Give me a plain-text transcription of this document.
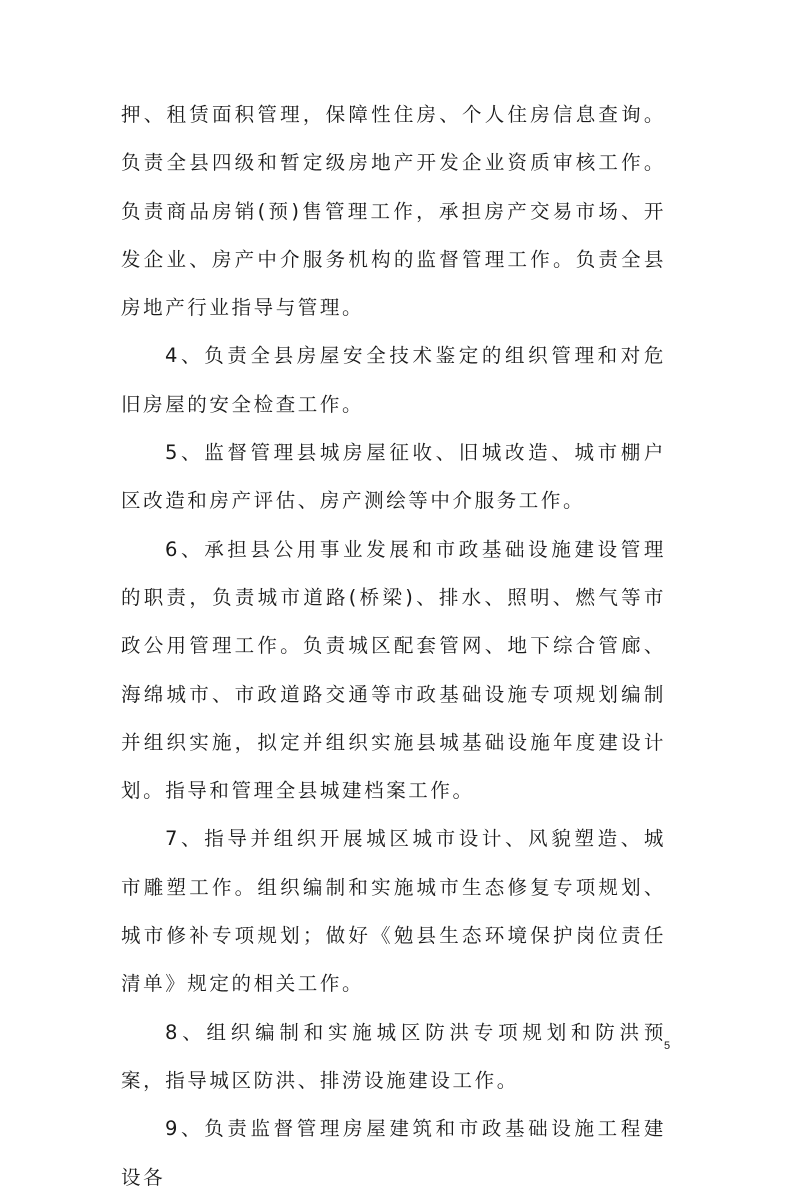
押、租赁面积管理，保障性住房、个人住房信息查询。负责全县四级和暂定级房地产开发企业资质审核工作。负责商品房销(预)售管理工作，承担房产交易市场、开发企业、房产中介服务机构的监督管理工作。负责全县房地产行业指导与管理。

4、负责全县房屋安全技术鉴定的组织管理和对危旧房屋的安全检查工作。

5、监督管理县城房屋征收、旧城改造、城市棚户区改造和房产评估、房产测绘等中介服务工作。

6、承担县公用事业发展和市政基础设施建设管理的职责，负责城市道路(桥梁)、排水、照明、燃气等市政公用管理工作。负责城区配套管网、地下综合管廊、海绵城市、市政道路交通等市政基础设施专项规划编制并组织实施，拟定并组织实施县城基础设施年度建设计划。指导和管理全县城建档案工作。

7、指导并组织开展城区城市设计、风貌塑造、城市雕塑工作。组织编制和实施城市生态修复专项规划、城市修补专项规划；做好《勉县生态环境保护岗位责任清单》规定的相关工作。

8、组织编制和实施城区防洪专项规划和防洪预案，指导城区防洪、排涝设施建设工作。

9、负责监督管理房屋建筑和市政基础设施工程建设各

5
